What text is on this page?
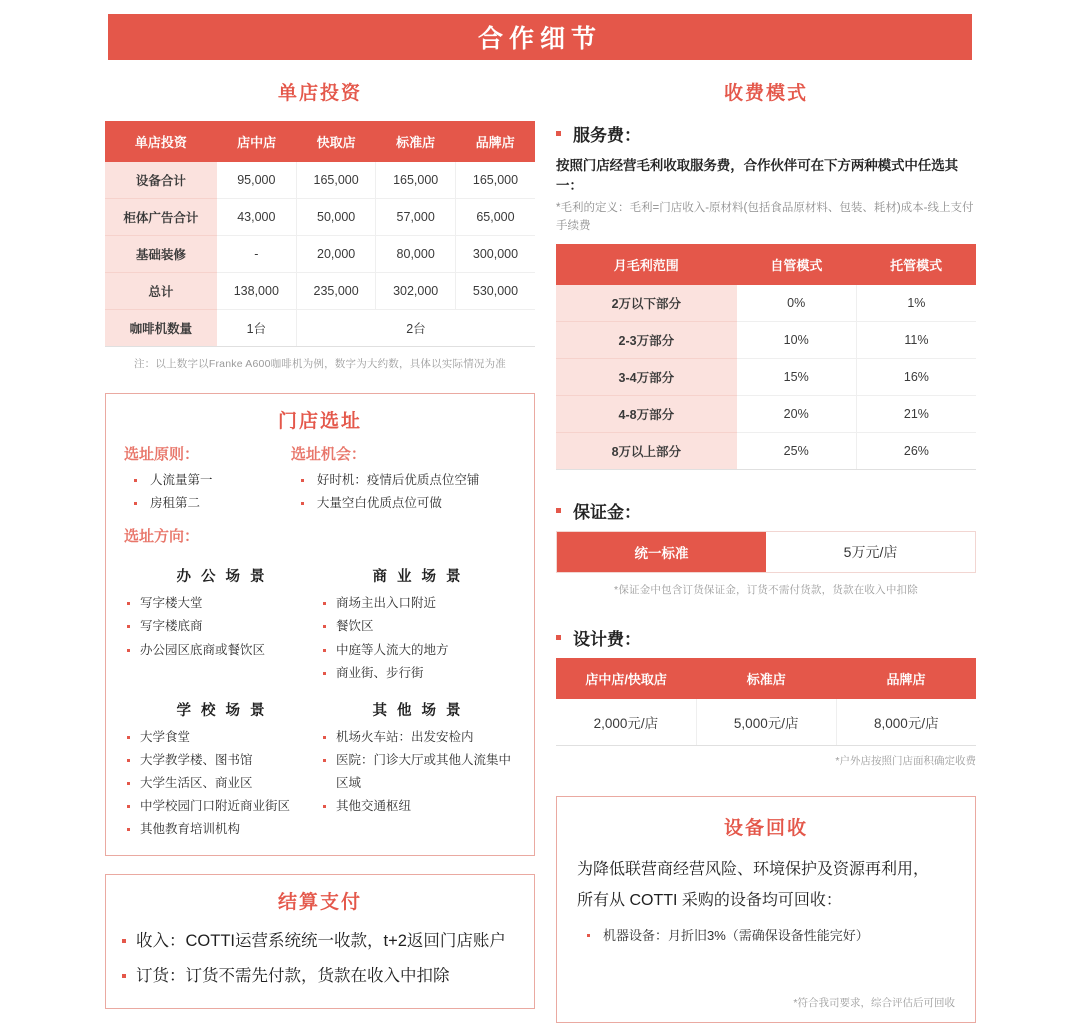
合作细节
单店投资
单店投资	店中店	快取店	标准店	品牌店
设备合计	95,000	165,000	165,000	165,000
柜体广告合计	43,000	50,000	57,000	65,000
基础装修	-	20,000	80,000	300,000
总计	138,000	235,000	302,000	530,000
咖啡机数量	1台	2台		
注：以上数字以Franke A600咖啡机为例，数字为大约数，具体以实际情况为准
门店选址
选址原则：
人流量第一
房租第二
选址机会：
好时机：疫情后优质点位空铺
大量空白优质点位可做
选址方向：
办 公 场 景
写字楼大堂
写字楼底商
办公园区底商或餐饮区
商 业 场 景
商场主出入口附近
餐饮区
中庭等人流大的地方
商业街、步行街
学 校 场 景
大学食堂
大学教学楼、图书馆
大学生活区、商业区
中学校园门口附近商业街区
其他教育培训机构
其 他 场 景
机场火车站：出发安检内
医院：门诊大厅或其他人流集中区域
其他交通枢纽
结算支付
收入：COTTI运营系统统一收款，t+2返回门店账户
订货：订货不需先付款，货款在收入中扣除
收费模式
服务费：
按照门店经营毛利收取服务费，合作伙伴可在下方两种模式中任选其一：
*毛利的定义：毛利=门店收入-原材料(包括食品原材料、包装、耗材)成本-线上支付手续费
月毛利范围	自管模式	托管模式
2万以下部分	0%	1%
2-3万部分	10%	11%
3-4万部分	15%	16%
4-8万部分	20%	21%
8万以上部分	25%	26%
保证金：
统一标准	5万元/店
*保证金中包含订货保证金，订货不需付货款，货款在收入中扣除
设计费：
店中店/快取店	标准店	品牌店
2,000元/店	5,000元/店	8,000元/店
*户外店按照门店面积确定收费
设备回收
为降低联营商经营风险、环境保护及资源再利用，
所有从 COTTI 采购的设备均可回收：
机器设备：月折旧3%（需确保设备性能完好）
*符合我司要求，综合评估后可回收
